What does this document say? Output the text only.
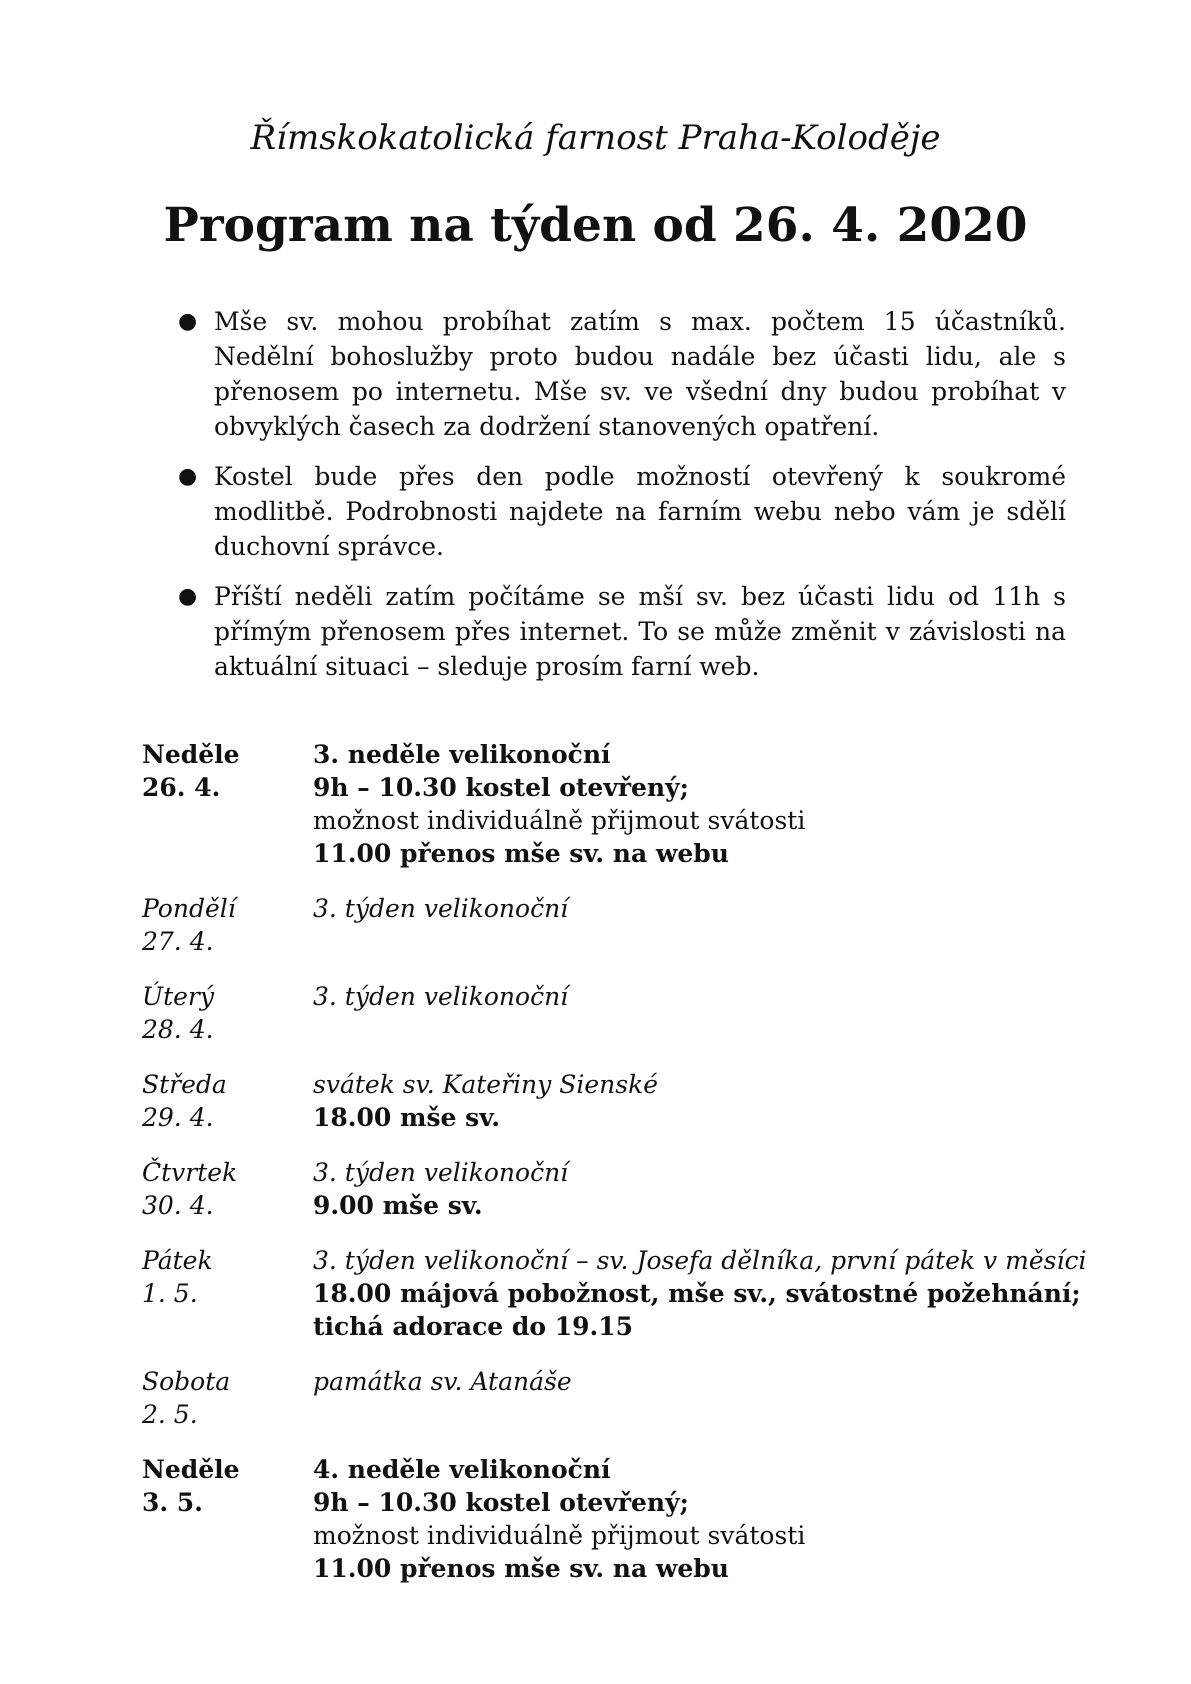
Římskokatolická farnost Praha-Koloděje
Program na týden od 26. 4. 2020
● Mše sv. mohou probíhat zatím s max. počtem 15 účastníků. Nedělní bohoslužby proto budou nadále bez účasti lidu, ale s přenosem po internetu. Mše sv. ve všední dny budou probíhat v obvyklých časech za dodržení stanovených opatření.
● Kostel bude přes den podle možností otevřený k soukromé modlitbě. Podrobnosti najdete na farním webu nebo vám je sdělí duchovní správce.
● Příští neděli zatím počítáme se mší sv. bez účasti lidu od 11h s přímým přenosem přes internet. To se může změnit v závislosti na aktuální situaci – sleduje prosím farní web.
Neděle
26. 4.
3. neděle velikonoční
9h – 10.30 kostel otevřený;
možnost individuálně přijmout svátosti
11.00 přenos mše sv. na webu
Pondělí
27. 4.
3. týden velikonoční

Úterý
28. 4.
3. týden velikonoční

Středa
29. 4.
svátek sv. Kateřiny Sienské
18.00 mše sv.
Čtvrtek
30. 4.
3. týden velikonoční
9.00 mše sv.
Pátek
1. 5.
3. týden velikonoční – sv. Josefa dělníka, první pátek v měsíci
18.00 májová pobožnost, mše sv., svátostné požehnání;
tichá adorace do 19.15
Sobota
2. 5.
památka sv. Atanáše

Neděle
3. 5.
4. neděle velikonoční
9h – 10.30 kostel otevřený;
možnost individuálně přijmout svátosti
11.00 přenos mše sv. na webu
